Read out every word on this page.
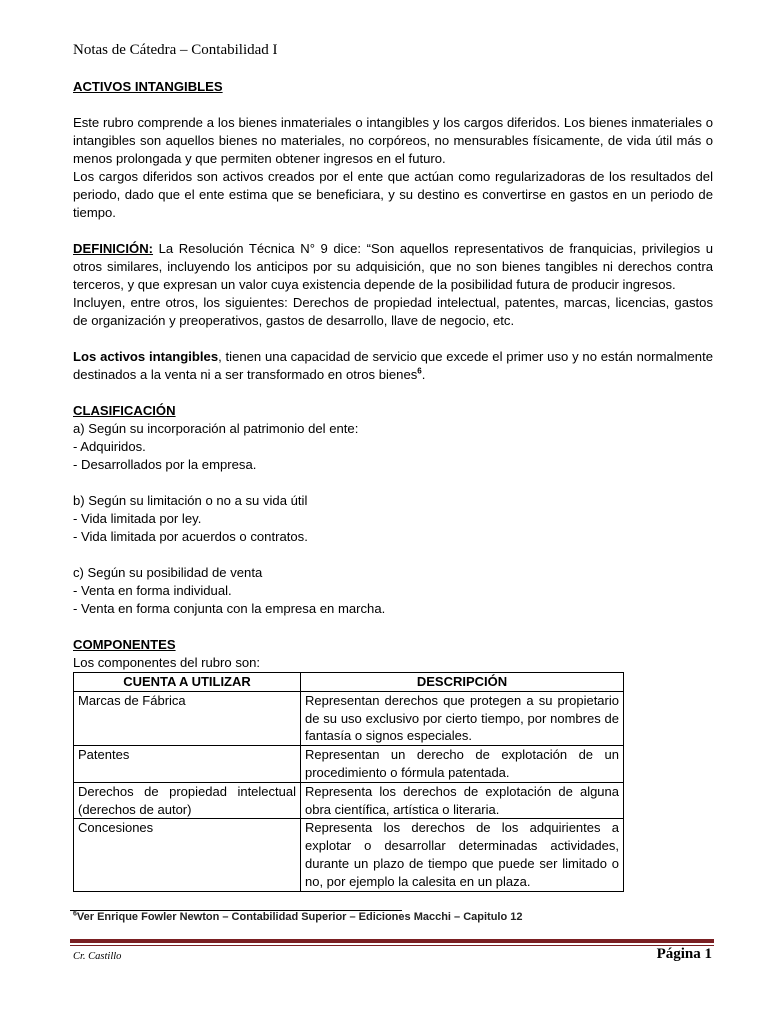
Notas de Cátedra – Contabilidad I

ACTIVOS INTANGIBLES

Este rubro comprende a los bienes inmateriales o intangibles y los cargos diferidos. Los bienes inmateriales o intangibles son aquellos bienes no materiales, no corpóreos, no mensurables físicamente, de vida útil más o menos prolongada y que permiten obtener ingresos en el futuro.

Los cargos diferidos son activos creados por el ente que actúan como regularizadoras de los resultados del periodo, dado que el ente estima que se beneficiara, y su destino es convertirse en gastos en un periodo de tiempo.

DEFINICIÓN: La Resolución Técnica N° 9 dice: “Son aquellos representativos de franquicias, privilegios u otros similares, incluyendo los anticipos por su adquisición, que no son bienes tangibles ni derechos contra terceros, y que expresan un valor cuya existencia depende de la posibilidad futura de producir ingresos.

Incluyen, entre otros, los siguientes: Derechos de propiedad intelectual, patentes, marcas, licencias, gastos de organización y preoperativos, gastos de desarrollo, llave de negocio, etc.

Los activos intangibles, tienen una capacidad de servicio que excede el primer uso y no están normalmente destinados a la venta ni a ser transformado en otros bienes$^6$.

CLASIFICACIÓN

a) Según su incorporación al patrimonio del ente:

- Adquiridos.

- Desarrollados por la empresa.

b) Según su limitación o no a su vida útil

- Vida limitada por ley.

- Vida limitada por acuerdos o contratos.

c) Según su posibilidad de venta

- Venta en forma individual.

- Venta en forma conjunta con la empresa en marcha.

COMPONENTES

Los componentes del rubro son:

CUENTA A UTILIZAR	DESCRIPCIÓN
Marcas de Fábrica	Representan derechos que protegen a su propietario de su uso exclusivo por cierto tiempo, por nombres de fantasía o signos especiales.
Patentes	Representan un derecho de explotación de un procedimiento o fórmula patentada.
Derechos de propiedad intelectual (derechos de autor)	Representa los derechos de explotación de alguna obra científica, artística o literaria.
Concesiones	Representa los derechos de los adquirientes a explotar o desarrollar determinadas actividades, durante un plazo de tiempo que puede ser limitado o no, por ejemplo la calesita en un plaza.
$^6$Ver Enrique Fowler Newton – Contabilidad Superior – Ediciones Macchi – Capitulo 12
Cr. Castillo	Página 1
